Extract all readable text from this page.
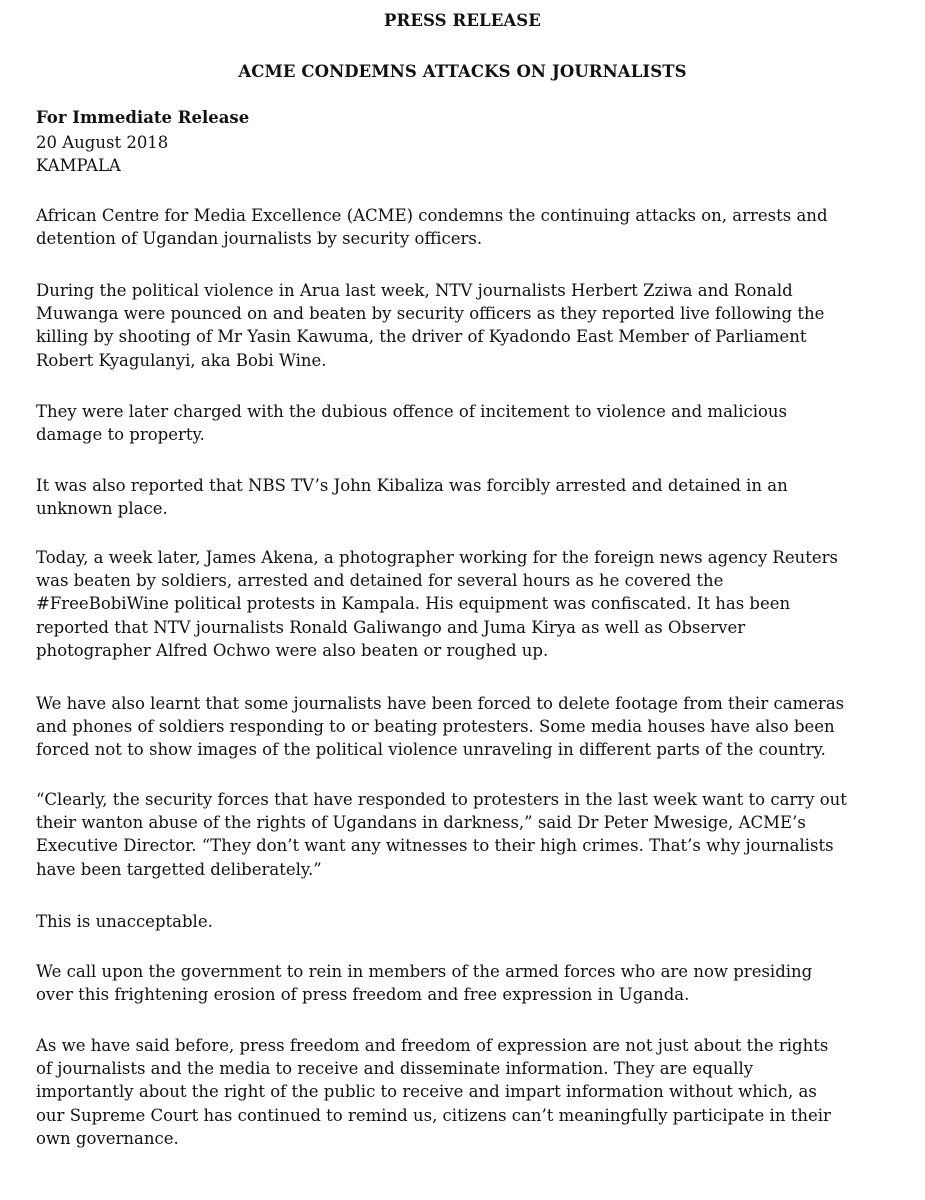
PRESS RELEASE
ACME CONDEMNS ATTACKS ON JOURNALISTS
For Immediate Release
20 August 2018
KAMPALA
African Centre for Media Excellence (ACME) condemns the continuing attacks on, arrests and
detention of Ugandan journalists by security officers.
During the political violence in Arua last week, NTV journalists Herbert Zziwa and Ronald
Muwanga were pounced on and beaten by security officers as they reported live following the
killing by shooting of Mr Yasin Kawuma, the driver of Kyadondo East Member of Parliament
Robert Kyagulanyi, aka Bobi Wine.
They were later charged with the dubious offence of incitement to violence and malicious
damage to property.
It was also reported that NBS TV’s John Kibaliza was forcibly arrested and detained in an
unknown place.
Today, a week later, James Akena, a photographer working for the foreign news agency Reuters
was beaten by soldiers, arrested and detained for several hours as he covered the
#FreeBobiWine political protests in Kampala. His equipment was confiscated. It has been
reported that NTV journalists Ronald Galiwango and Juma Kirya as well as Observer
photographer Alfred Ochwo were also beaten or roughed up.
We have also learnt that some journalists have been forced to delete footage from their cameras
and phones of soldiers responding to or beating protesters. Some media houses have also been
forced not to show images of the political violence unraveling in different parts of the country.
“Clearly, the security forces that have responded to protesters in the last week want to carry out
their wanton abuse of the rights of Ugandans in darkness,” said Dr Peter Mwesige, ACME’s
Executive Director. “They don’t want any witnesses to their high crimes. That’s why journalists
have been targetted deliberately.”
This is unacceptable.
We call upon the government to rein in members of the armed forces who are now presiding
over this frightening erosion of press freedom and free expression in Uganda.
As we have said before, press freedom and freedom of expression are not just about the rights
of journalists and the media to receive and disseminate information. They are equally
importantly about the right of the public to receive and impart information without which, as
our Supreme Court has continued to remind us, citizens can’t meaningfully participate in their
own governance.
